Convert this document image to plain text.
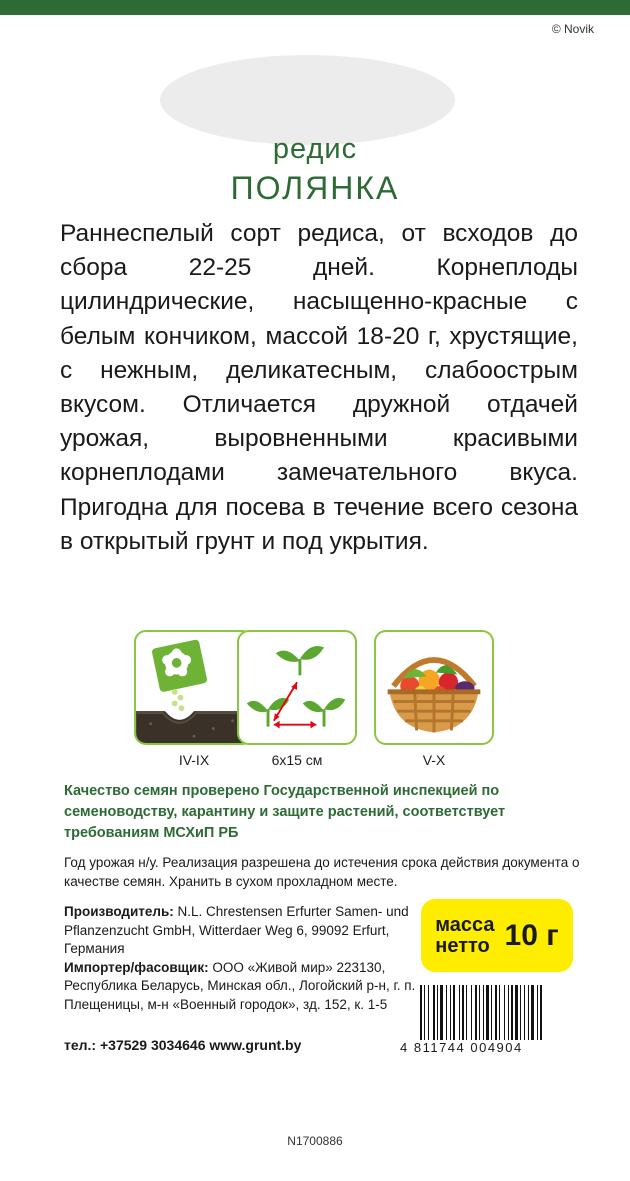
© Novik
редис
ПОЛЯНКА

Раннеспелый сорт редиса, от всходов до сбора 22-25 дней. Корнеплоды цилиндрические, насыщенно-красные с белым кончиком, массой 18-20 г, хрустящие, с нежным, деликатесным, слабоострым вкусом. Отличается дружной отдачей урожая, выровненными красивыми корнеплодами замечательного вкуса. Пригодна для посева в течение всего сезона в открытый грунт и под укрытия.

IV-IX	6х15 см	V-X

Качество семян проверено Государственной инспекцией по семеноводству, карантину и защите растений, соответствует требованиям МСХиП РБ

Год урожая н/у. Реализация разрешена до истечения срока действия документа о качестве семян. Хранить в сухом прохладном месте.

Производитель: N.L. Chrestensen Erfurter Samen- und Pflanzenzucht GmbH, Witterdaer Weg 6, 99092 Erfurt, Германия
Импортер/фасовщик: ООО «Живой мир» 223130, Республика Беларусь, Минская обл., Логойский р-н, г. п. Плещеницы, м-н «Военный городок», зд. 152, к. 1-5
тел.: +37529 3034646 www.grunt.by
масса
нетто 10 г
4 811744 004904
N1700886
